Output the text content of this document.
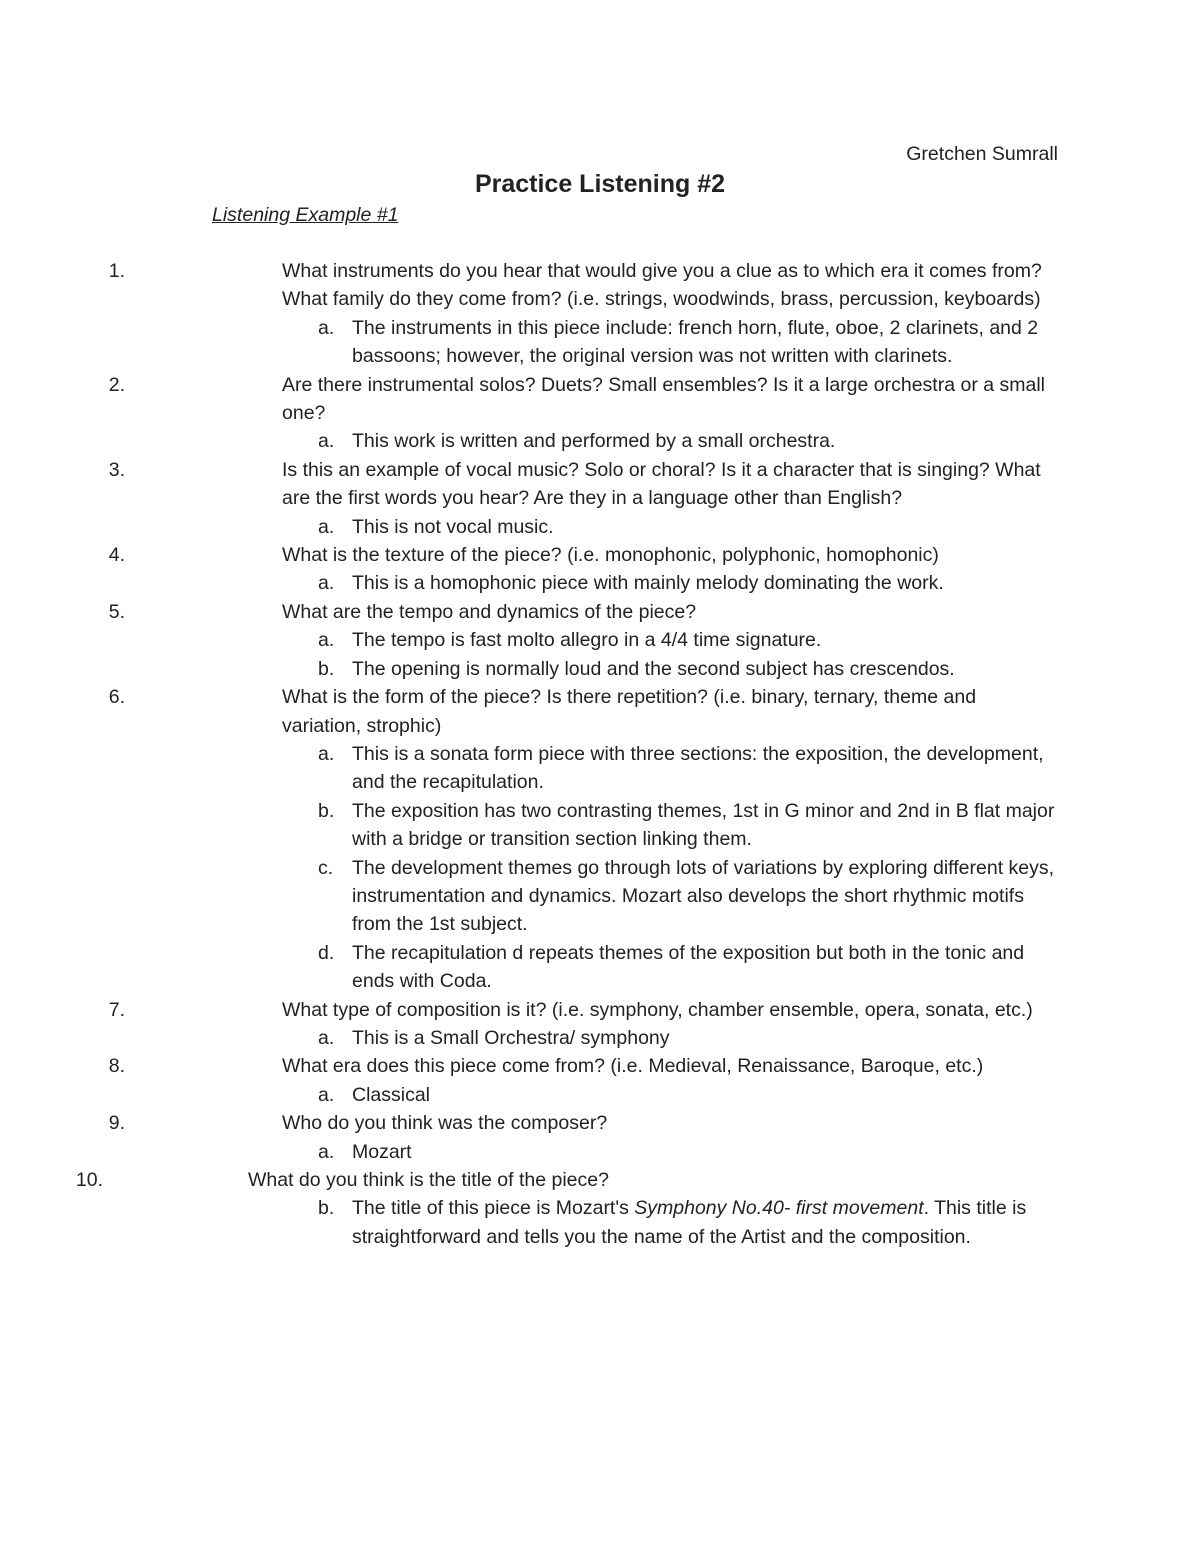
Gretchen Sumrall
Practice Listening #2
Listening Example #1
1.	What instruments do you hear that would give you a clue as to which era it comes from? What family do they come from? (i.e. strings, woodwinds, brass, percussion, keyboards)
a. The instruments in this piece include: french horn, flute, oboe, 2 clarinets, and 2 bassoons; however, the original version was not written with clarinets.
2.	Are there instrumental solos? Duets? Small ensembles? Is it a large orchestra or a small one?
a. This work is written and performed by a small orchestra.
3.	Is this an example of vocal music? Solo or choral? Is it a character that is singing? What are the first words you hear? Are they in a language other than English?
a. This is not vocal music.
4.	What is the texture of the piece? (i.e. monophonic, polyphonic, homophonic)
a. This is a homophonic piece with mainly melody dominating the work.
5.	What are the tempo and dynamics of the piece?
a. The tempo is fast molto allegro in a 4/4 time signature.
b. The opening is normally loud and the second subject has crescendos.
6.	What is the form of the piece? Is there repetition? (i.e. binary, ternary, theme and variation, strophic)
a. This is a sonata form piece with three sections: the exposition, the development, and the recapitulation.
b. The exposition has two contrasting themes, 1st in G minor and 2nd in B flat major with a bridge or transition section linking them.
c. The development themes go through lots of variations by exploring different keys, instrumentation and dynamics. Mozart also develops the short rhythmic motifs from the 1st subject.
d. The recapitulation d repeats themes of the exposition but both in the tonic and ends with Coda.
7.	What type of composition is it? (i.e. symphony, chamber ensemble, opera, sonata, etc.)
a. This is a Small Orchestra/ symphony
8.	What era does this piece come from? (i.e. Medieval, Renaissance, Baroque, etc.)
a. Classical
9.	Who do you think was the composer?
a. Mozart
10.	What do you think is the title of the piece?
b. The title of this piece is Mozart's Symphony No.40- first movement. This title is straightforward and tells you the name of the Artist and the composition.
